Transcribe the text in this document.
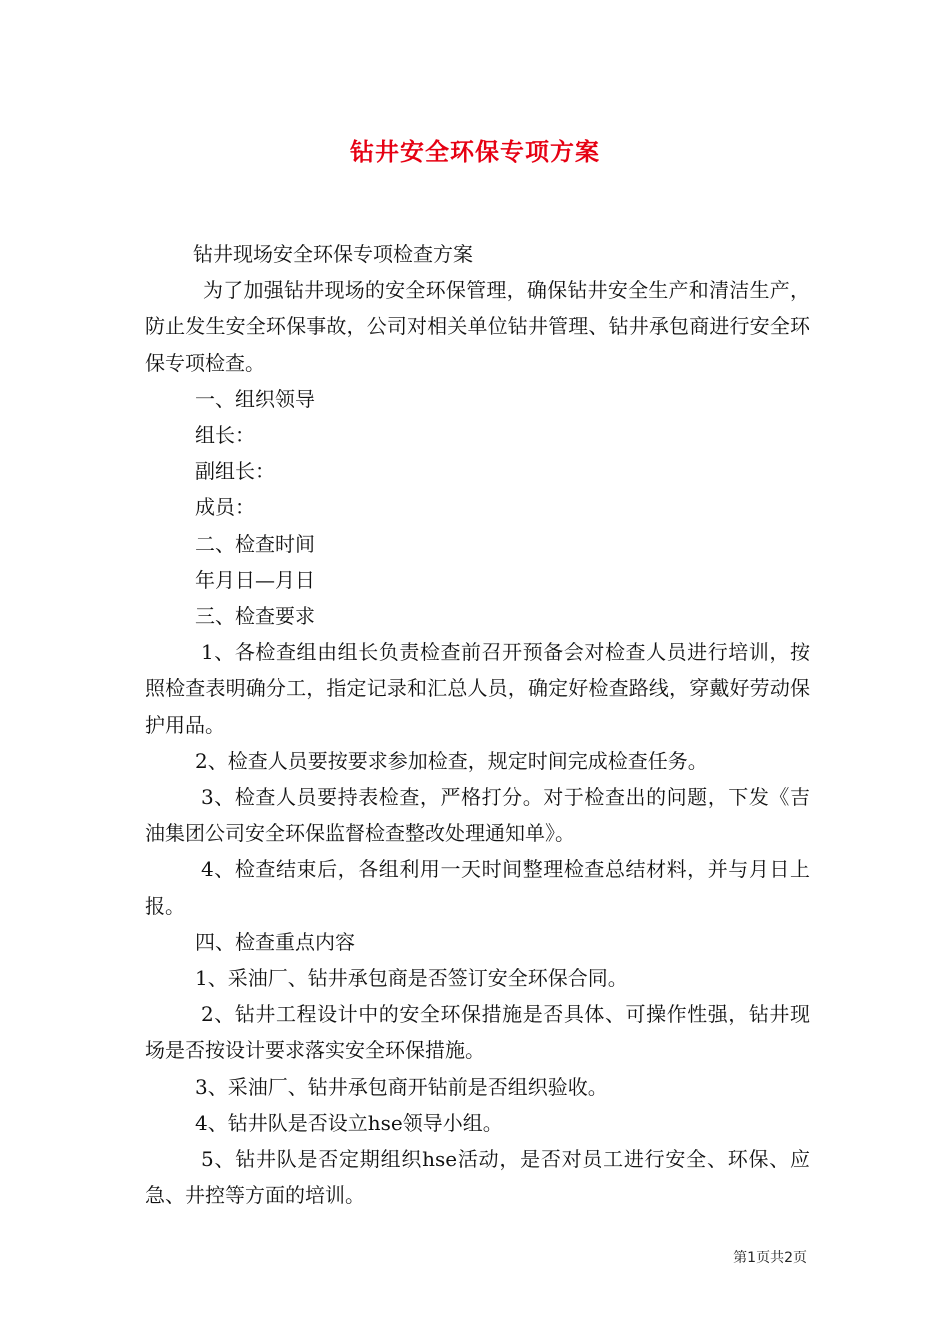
钻井安全环保专项方案

钻井现场安全环保专项检查方案

为了加强钻井现场的安全环保管理，确保钻井安全生产和清洁生产，防止发生安全环保事故，公司对相关单位钻井管理、钻井承包商进行安全环保专项检查。

一、组织领导

组长：

副组长：

成员：

二、检查时间

年月日—月日

三、检查要求

1、各检查组由组长负责检查前召开预备会对检查人员进行培训，按照检查表明确分工，指定记录和汇总人员，确定好检查路线，穿戴好劳动保护用品。

2、检查人员要按要求参加检查，规定时间完成检查任务。

3、检查人员要持表检查，严格打分。对于检查出的问题，下发《吉油集团公司安全环保监督检查整改处理通知单》。

4、检查结束后，各组利用一天时间整理检查总结材料，并与月日上报。

四、检查重点内容

1、采油厂、钻井承包商是否签订安全环保合同。

2、钻井工程设计中的安全环保措施是否具体、可操作性强，钻井现场是否按设计要求落实安全环保措施。

3、采油厂、钻井承包商开钻前是否组织验收。

4、钻井队是否设立hse领导小组。

5、钻井队是否定期组织hse活动，是否对员工进行安全、环保、应急、井控等方面的培训。

第1页共2页
